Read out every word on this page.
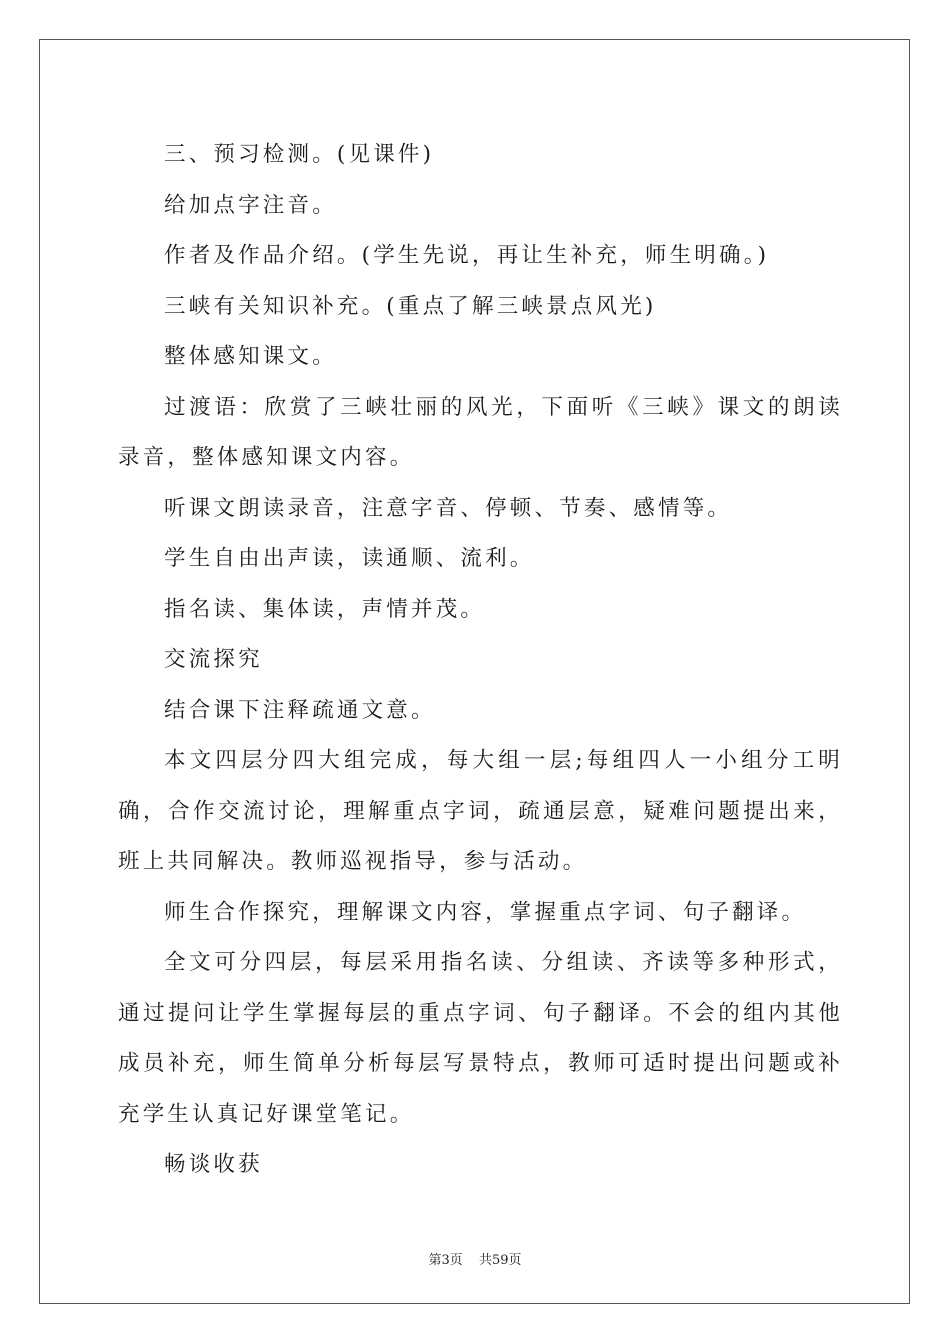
三、预习检测。(见课件)

给加点字注音。

作者及作品介绍。(学生先说，再让生补充，师生明确。)

三峡有关知识补充。(重点了解三峡景点风光)

整体感知课文。

过渡语：欣赏了三峡壮丽的风光，下面听《三峡》课文的朗读录音，整体感知课文内容。

听课文朗读录音，注意字音、停顿、节奏、感情等。

学生自由出声读，读通顺、流利。

指名读、集体读，声情并茂。

交流探究

结合课下注释疏通文意。

本文四层分四大组完成，每大组一层;每组四人一小组分工明确，合作交流讨论，理解重点字词，疏通层意，疑难问题提出来，班上共同解决。教师巡视指导，参与活动。

师生合作探究，理解课文内容，掌握重点字词、句子翻译。

全文可分四层，每层采用指名读、分组读、齐读等多种形式，通过提问让学生掌握每层的重点字词、句子翻译。不会的组内其他成员补充，师生简单分析每层写景特点，教师可适时提出问题或补充学生认真记好课堂笔记。

畅谈收获

第3页 共59页
